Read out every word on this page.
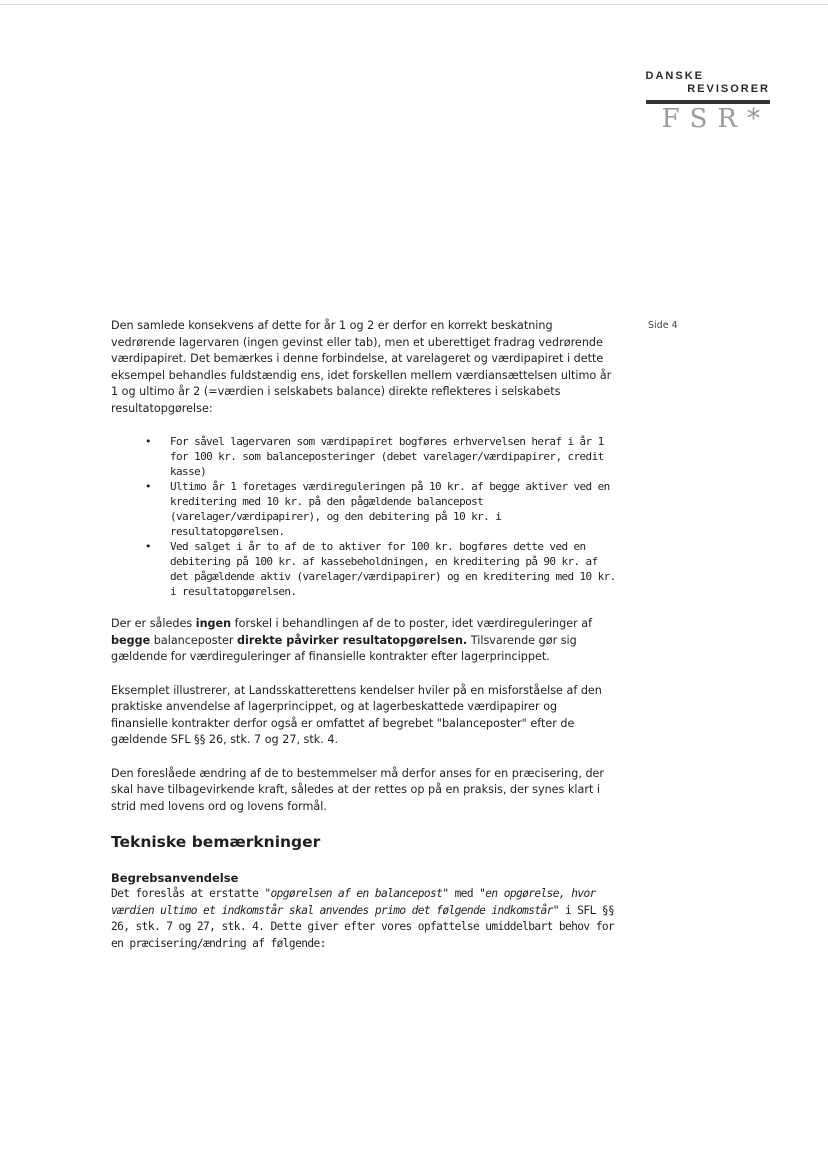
DANSKE
REVISORER
FSR*
Side 4

Den samlede konsekvens af dette for år 1 og 2 er derfor en korrekt beskatning vedrørende lagervaren (ingen gevinst eller tab), men et uberettiget fradrag vedrørende værdipapiret. Det bemærkes i denne forbindelse, at varelageret og værdipapiret i dette eksempel behandles fuldstændig ens, idet forskellen mellem værdiansættelsen ultimo år 1 og ultimo år 2 (=værdien i selskabets balance) direkte reflekteres i selskabets resultatopgørelse:

• For såvel lagervaren som værdipapiret bogføres erhvervelsen heraf i år 1 for 100 kr. som balanceposteringer (debet varelager/værdipapirer, credit kasse)
• Ultimo år 1 foretages værdireguleringen på 10 kr. af begge aktiver ved en kreditering med 10 kr. på den pågældende balancepost (varelager/værdipapirer), og den debitering på 10 kr. i resultatopgørelsen.
• Ved salget i år to af de to aktiver for 100 kr. bogføres dette ved en debitering på 100 kr. af kassebeholdningen, en kreditering på 90 kr. af det pågældende aktiv (varelager/værdipapirer) og en kreditering med 10 kr. i resultatopgørelsen.

Der er således ingen forskel i behandlingen af de to poster, idet værdireguleringer af begge balanceposter direkte påvirker resultatopgørelsen. Tilsvarende gør sig gældende for værdireguleringer af finansielle kontrakter efter lagerprincippet.

Eksemplet illustrerer, at Landsskatterettens kendelser hviler på en misforståelse af den praktiske anvendelse af lagerprincippet, og at lagerbeskattede værdipapirer og finansielle kontrakter derfor også er omfattet af begrebet "balanceposter" efter de gældende SFL §§ 26, stk. 7 og 27, stk. 4.

Den foreslåede ændring af de to bestemmelser må derfor anses for en præcisering, der skal have tilbagevirkende kraft, således at der rettes op på en praksis, der synes klart i strid med lovens ord og lovens formål.

Tekniske bemærkninger
Begrebsanvendelse

Det foreslås at erstatte "opgørelsen af en balancepost" med "en opgørelse, hvor værdien ultimo et indkomstår skal anvendes primo det følgende indkomstår" i SFL §§ 26, stk. 7 og 27, stk. 4. Dette giver efter vores opfattelse umiddelbart behov for en præcisering/ændring af følgende:
